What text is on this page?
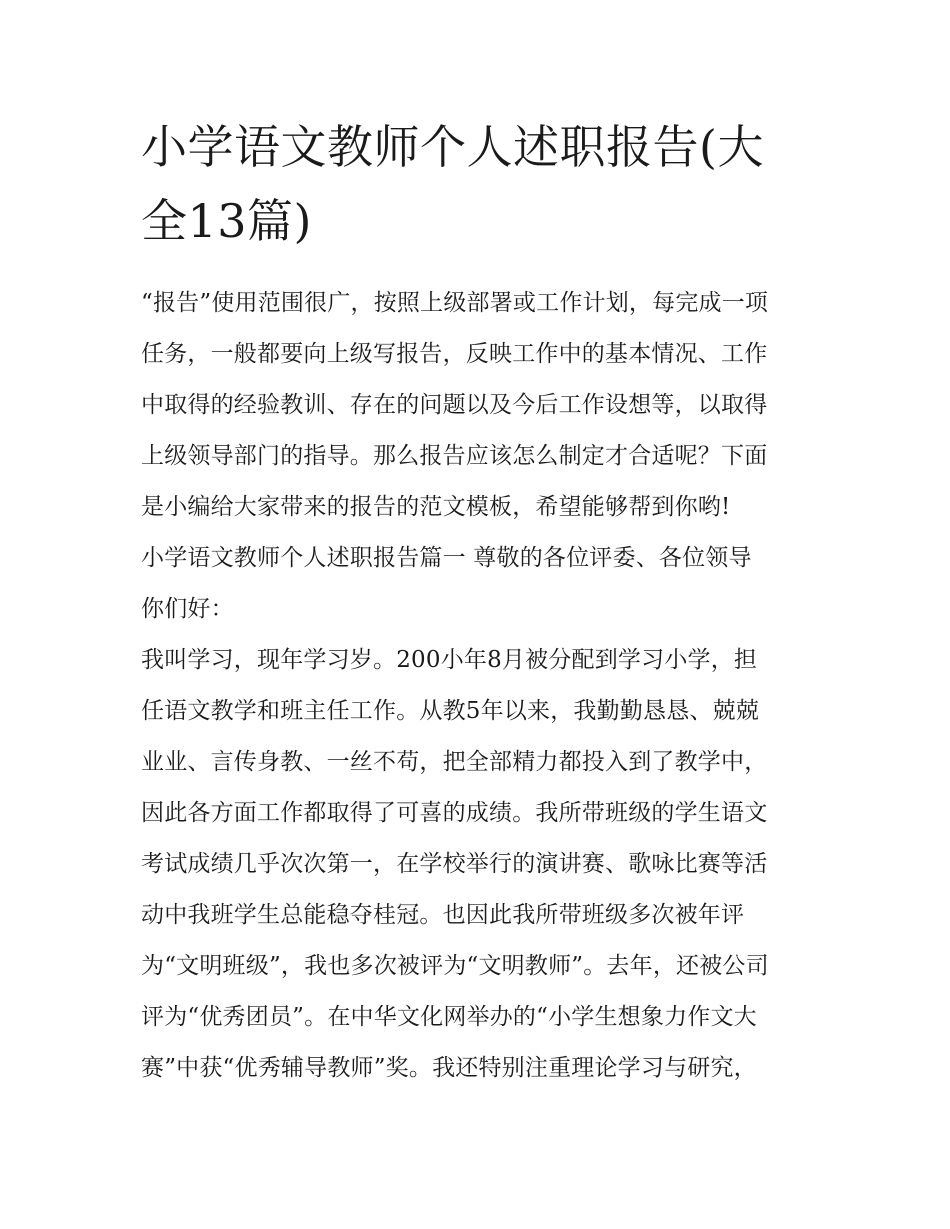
小学语文教师个人述职报告(大
全13篇)
“报告”使用范围很广，按照上级部署或工作计划，每完成一项
任务，一般都要向上级写报告，反映工作中的基本情况、工作
中取得的经验教训、存在的问题以及今后工作设想等，以取得
上级领导部门的指导。那么报告应该怎么制定才合适呢？下面
是小编给大家带来的报告的范文模板，希望能够帮到你哟!
小学语文教师个人述职报告篇一 尊敬的各位评委、各位领导
你们好：
我叫学习，现年学习岁。200小年8月被分配到学习小学，担
任语文教学和班主任工作。从教5年以来，我勤勤恳恳、兢兢
业业、言传身教、一丝不苟，把全部精力都投入到了教学中，
因此各方面工作都取得了可喜的成绩。我所带班级的学生语文
考试成绩几乎次次第一，在学校举行的演讲赛、歌咏比赛等活
动中我班学生总能稳夺桂冠。也因此我所带班级多次被年评
为“文明班级”，我也多次被评为“文明教师”。去年，还被公司
评为“优秀团员”。在中华文化网举办的“小学生想象力作文大
赛”中获“优秀辅导教师”奖。我还特别注重理论学习与研究，
